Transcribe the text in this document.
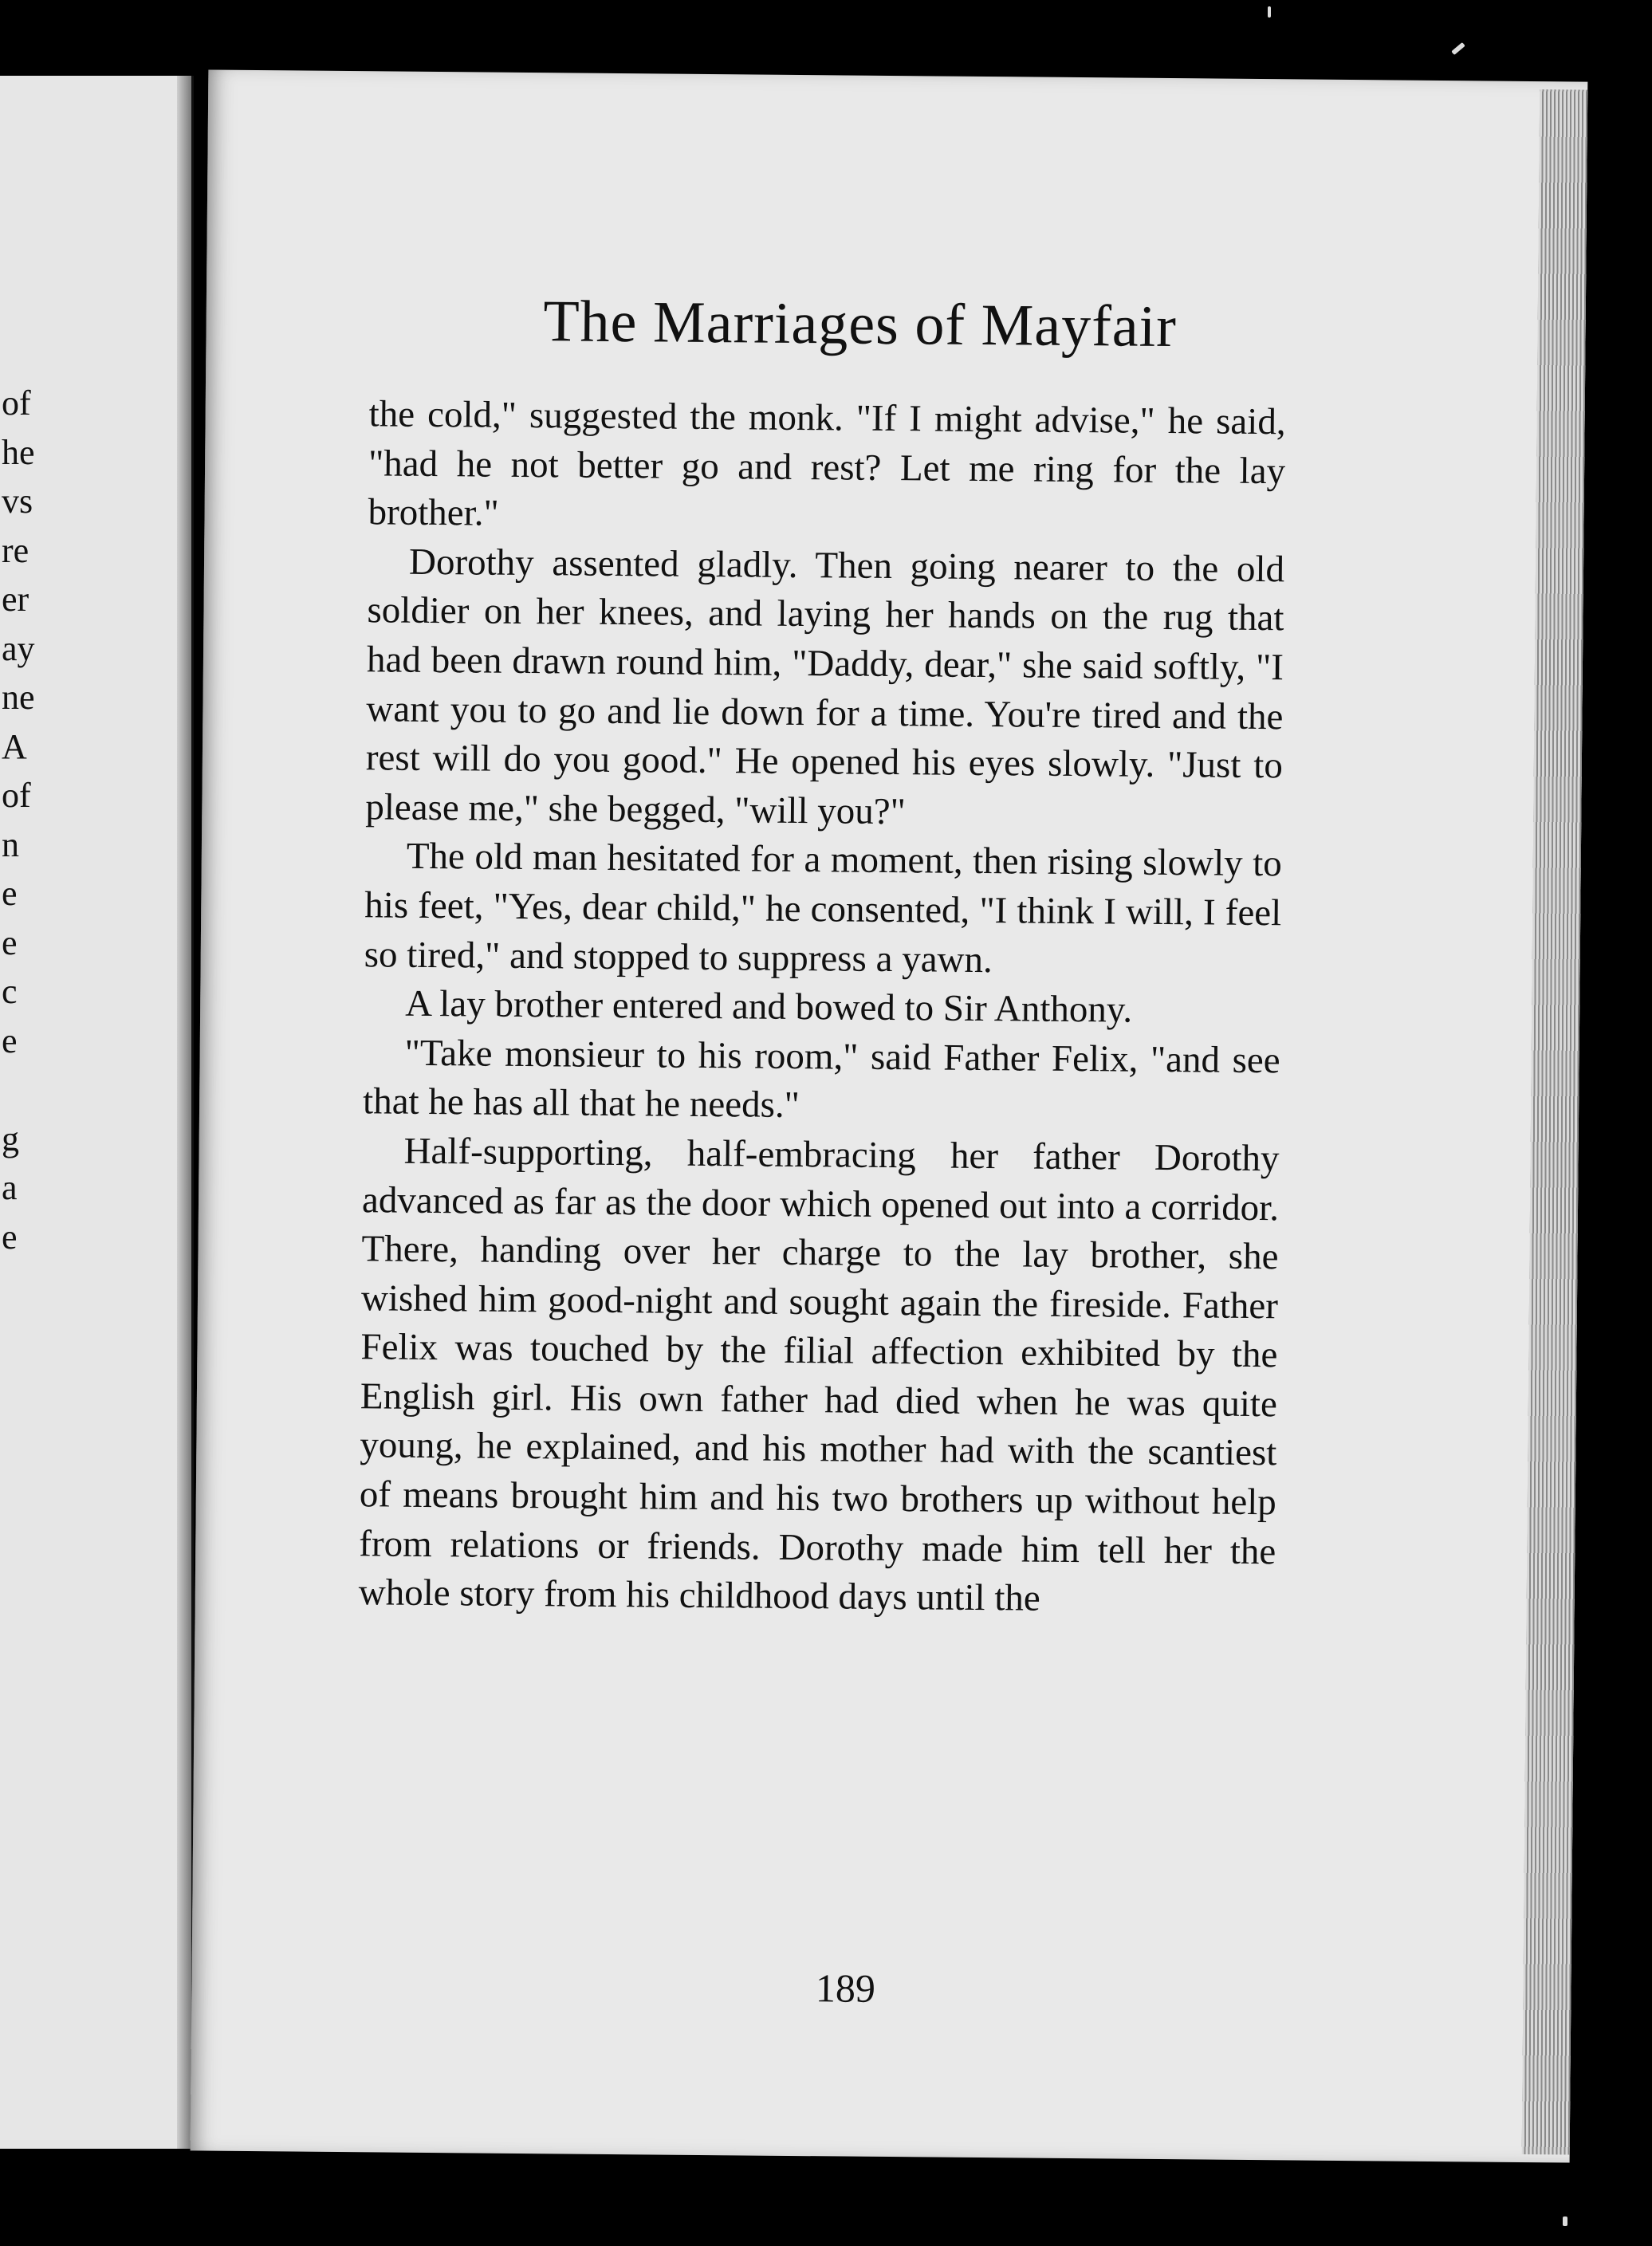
of
he
vs
re
er
ay
ne
A
of
n
e
e
c
e
g
a
e
The Marriages of Mayfair

the cold," suggested the monk. "If I might advise," he said, "had he not better go and rest? Let me ring for the lay brother."

Dorothy assented gladly. Then going nearer to the old soldier on her knees, and laying her hands on the rug that had been drawn round him, "Daddy, dear," she said softly, "I want you to go and lie down for a time. You're tired and the rest will do you good." He opened his eyes slowly. "Just to please me," she begged, "will you?"

The old man hesitated for a moment, then rising slowly to his feet, "Yes, dear child," he consented, "I think I will, I feel so tired," and stopped to suppress a yawn.

A lay brother entered and bowed to Sir Anthony.

"Take monsieur to his room," said Father Felix, "and see that he has all that he needs."

Half-supporting, half-embracing her father Dorothy advanced as far as the door which opened out into a corridor. There, handing over her charge to the lay brother, she wished him good-night and sought again the fireside. Father Felix was touched by the filial affection exhibited by the English girl. His own father had died when he was quite young, he explained, and his mother had with the scantiest of means brought him and his two brothers up without help from relations or friends. Dorothy made him tell her the whole story from his childhood days until the

189
